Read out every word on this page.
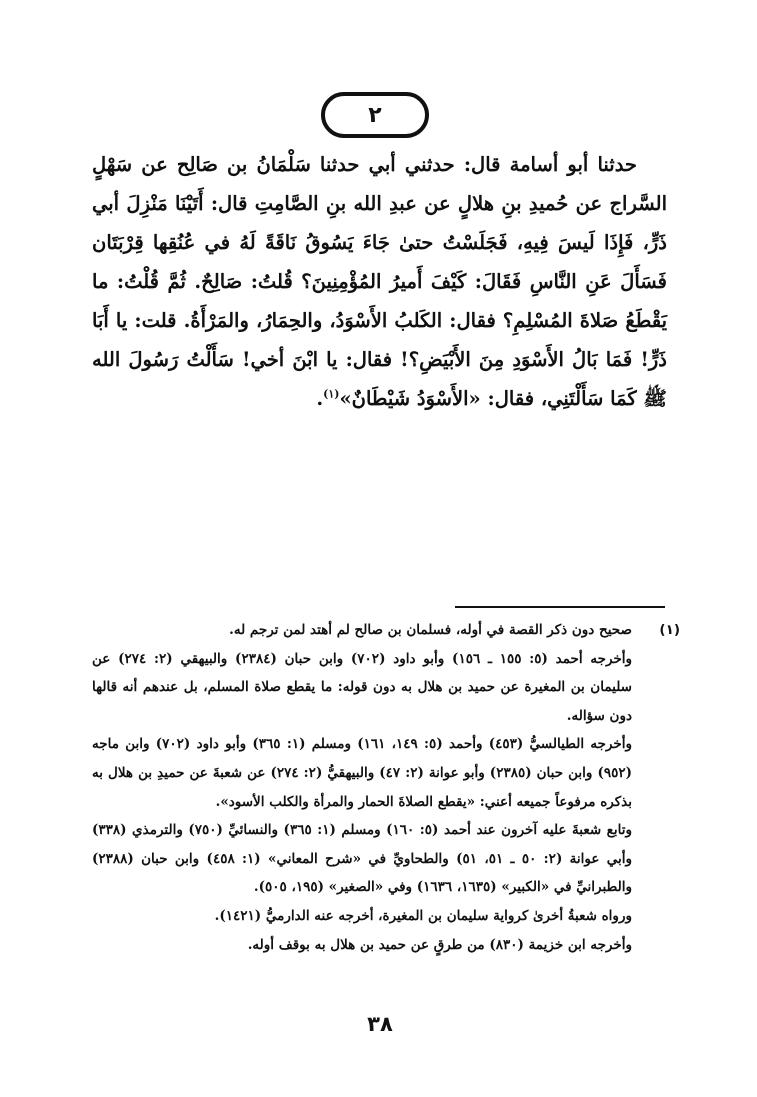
٢

حدثنا أبو أسامة قال: حدثني أبي حدثنا سَلْمَانُ بن صَالِح عن سَهْلٍ السَّراج عن حُميدِ بنِ هلالٍ عن عبدِ الله بنِ الصَّامِتِ قال: أَتَيْنَا مَنْزِلَ أبي ذَرٍّ، فَإِذَا لَيسَ فِيهِ، فَجَلَسْتُ حتىٰ جَاءَ يَسُوقُ نَاقَةً لَهُ في عُنُقِها قِرْبَتَان فَسَأَلَ عَنِ النَّاسِ فَقَالَ: كَيْفَ أَميرُ المُؤْمِنِينَ؟ قُلتُ: صَالِحٌ. ثُمَّ قُلْتُ: ما يَقْطَعُ صَلاةَ المُسْلِمِ؟ فقال: الكَلبُ الأَسْوَدُ، والحِمَارُ، والمَرْأَةُ. قلت: يا أَبَا ذَرٍّ! فَمَا بَالُ الأَسْوَدِ مِنَ الأَبْيَضِ؟! فقال: يا ابْنَ أخي! سَأَلْتُ رَسُولَ الله ﷺ كَمَا سَأَلْتَنِي، فقال: «الأَسْوَدُ شَيْطَانٌ»$^{(١)}$.

(١)

صحيح دون ذكر القصة في أوله، فسلمان بن صالح لم أهتد لمن ترجم له.

وأخرجه أحمد (٥: ١٥٥ ـ ١٥٦) وأبو داود (٧٠٢) وابن حبان (٢٣٨٤) والبيهقي (٢: ٢٧٤) عن سليمان بن المغيرة عن حميد بن هلال به دون قوله: ما يقطع صلاة المسلم، بل عندهم أنه قالها دون سؤاله.

وأخرجه الطيالسيُّ (٤٥٣) وأحمد (٥: ١٤٩، ١٦١) ومسلم (١: ٣٦٥) وأبو داود (٧٠٢) وابن ماجه (٩٥٢) وابن حبان (٢٣٨٥) وأبو عوانة (٢: ٤٧) والبيهقيُّ (٢: ٢٧٤) عن شعبةَ عن حميدِ بن هلال به بذكره مرفوعاً جميعه أعني: «يقطع الصلاةَ الحمار والمرأة والكلب الأسود».

وتابع شعبةَ عليه آخرون عند أحمد (٥: ١٦٠) ومسلم (١: ٣٦٥) والنسائيِّ (٧٥٠) والترمذي (٣٣٨) وأبي عوانة (٢: ٥٠ ـ ٥١، ٥١) والطحاويِّ في «شرح المعاني» (١: ٤٥٨) وابن حبان (٢٣٨٨) والطبرانيِّ في «الكبير» (١٦٣٥، ١٦٣٦) وفي «الصغير» (١٩٥، ٥٠٥).

ورواه شعبةُ أخرىٰ كرواية سليمان بن المغيرة، أخرجه عنه الدارميُّ (١٤٢١).

وأخرجه ابن خزيمة (٨٣٠) من طرقٍ عن حميد بن هلال به بوقف أوله.

٣٨
